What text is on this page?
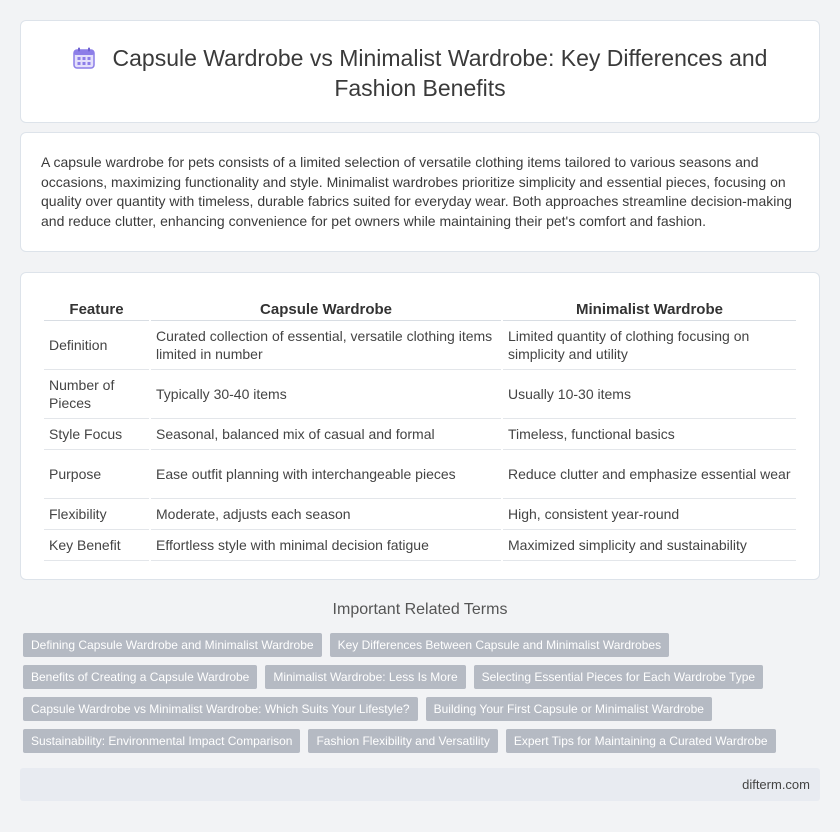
Capsule Wardrobe vs Minimalist Wardrobe: Key Differences and Fashion Benefits

A capsule wardrobe for pets consists of a limited selection of versatile clothing items tailored to various seasons and occasions, maximizing functionality and style. Minimalist wardrobes prioritize simplicity and essential pieces, focusing on quality over quantity with timeless, durable fabrics suited for everyday wear. Both approaches streamline decision-making and reduce clutter, enhancing convenience for pet owners while maintaining their pet's comfort and fashion.

Feature	Capsule Wardrobe	Minimalist Wardrobe
Definition	Curated collection of essential, versatile clothing items limited in number	Limited quantity of clothing focusing on simplicity and utility
Number of Pieces	Typically 30-40 items	Usually 10-30 items
Style Focus	Seasonal, balanced mix of casual and formal	Timeless, functional basics
Purpose	Ease outfit planning with interchangeable pieces	Reduce clutter and emphasize essential wear
Flexibility	Moderate, adjusts each season	High, consistent year-round
Key Benefit	Effortless style with minimal decision fatigue	Maximized simplicity and sustainability
Important Related Terms
Defining Capsule Wardrobe and Minimalist Wardrobe	Key Differences Between Capsule and Minimalist Wardrobes
Benefits of Creating a Capsule Wardrobe	Minimalist Wardrobe: Less Is More	Selecting Essential Pieces for Each Wardrobe Type
Capsule Wardrobe vs Minimalist Wardrobe: Which Suits Your Lifestyle?	Building Your First Capsule or Minimalist Wardrobe
Sustainability: Environmental Impact Comparison	Fashion Flexibility and Versatility	Expert Tips for Maintaining a Curated Wardrobe
difterm.com
